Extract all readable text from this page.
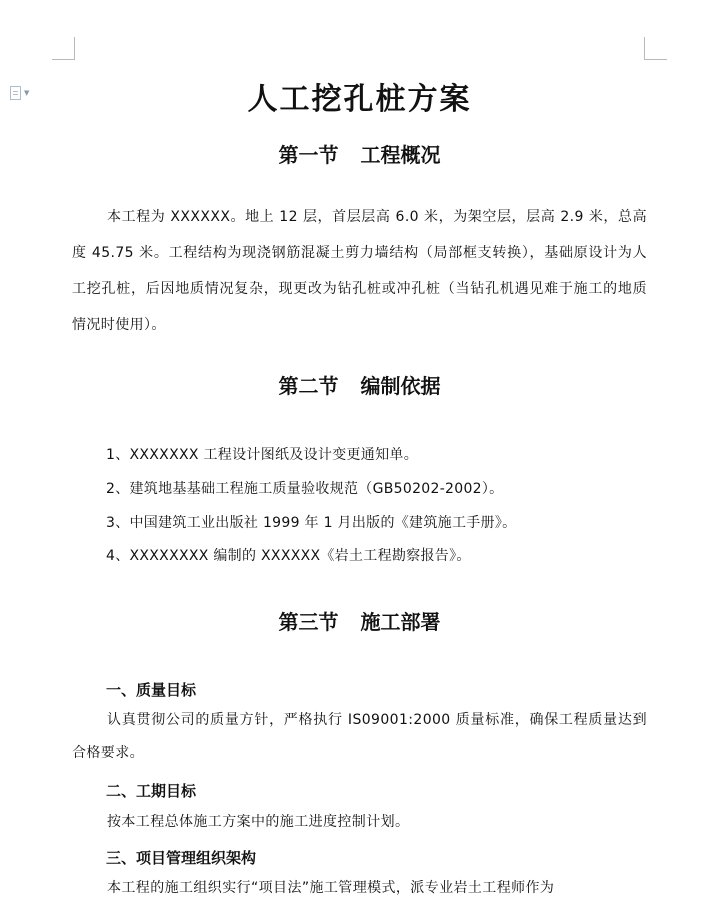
▼	人工挖孔桩方案
第一节 工程概况

本工程为 XXXXXX。地上 12 层，首层层高 6.0 米，为架空层，层高 2.9 米，总高度 45.75 米。工程结构为现浇钢筋混凝土剪力墙结构（局部框支转换），基础原设计为人工挖孔桩，后因地质情况复杂，现更改为钻孔桩或冲孔桩（当钻孔机遇见难于施工的地质情况时使用）。

第二节 编制依据

1、XXXXXXX 工程设计图纸及设计变更通知单。

2、建筑地基基础工程施工质量验收规范（GB50202-2002）。

3、中国建筑工业出版社 1999 年 1 月出版的《建筑施工手册》。

4、XXXXXXXX 编制的 XXXXXX《岩土工程勘察报告》。

第三节 施工部署

一、质量目标

认真贯彻公司的质量方针，严格执行 IS09001:2000 质量标准，确保工程质量达到合格要求。

二、工期目标

按本工程总体施工方案中的施工进度控制计划。

三、项目管理组织架构

本工程的施工组织实行“项目法”施工管理模式，派专业岩土工程师作为
